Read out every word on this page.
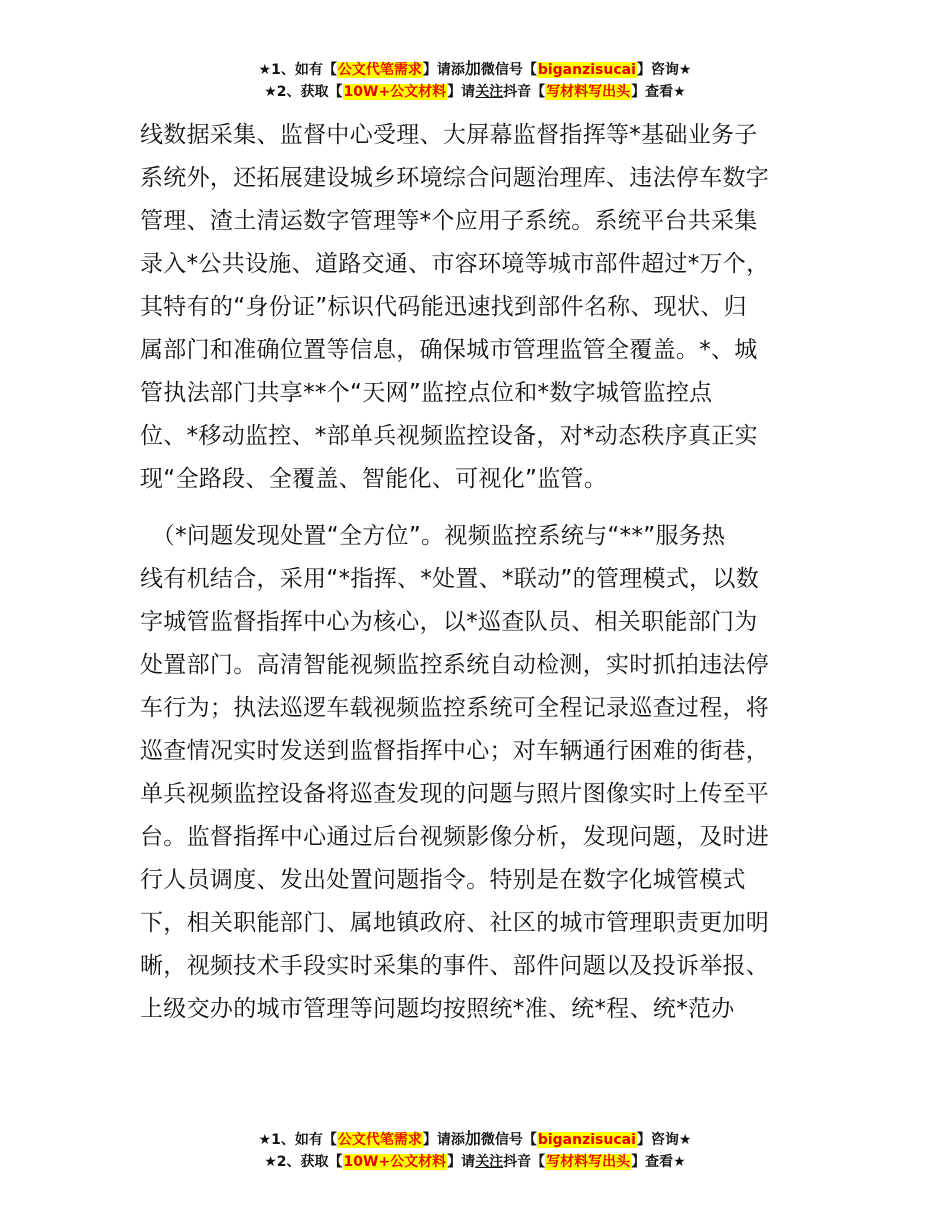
★1、如有【公文代笔需求】请添加微信号【biganzisucai】咨询★
★2、获取【10W+公文材料】请关注抖音【写材料写出头】查看★
线数据采集、监督中心受理、大屏幕监督指挥等*基础业务子
系统外，还拓展建设城乡环境综合问题治理库、违法停车数字
管理、渣土清运数字管理等*个应用子系统。系统平台共采集
录入*公共设施、道路交通、市容环境等城市部件超过*万个，
其特有的“身份证”标识代码能迅速找到部件名称、现状、归
属部门和准确位置等信息，确保城市管理监管全覆盖。*、城
管执法部门共享**个“天网”监控点位和*数字城管监控点
位、*移动监控、*部单兵视频监控设备，对*动态秩序真正实
现“全路段、全覆盖、智能化、可视化”监管。
　（*问题发现处置“全方位”。视频监控系统与“**”服务热
线有机结合，采用“*指挥、*处置、*联动”的管理模式，以数
字城管监督指挥中心为核心，以*巡查队员、相关职能部门为
处置部门。高清智能视频监控系统自动检测，实时抓拍违法停
车行为；执法巡逻车载视频监控系统可全程记录巡查过程，将
巡查情况实时发送到监督指挥中心；对车辆通行困难的街巷，
单兵视频监控设备将巡查发现的问题与照片图像实时上传至平
台。监督指挥中心通过后台视频影像分析，发现问题，及时进
行人员调度、发出处置问题指令。特别是在数字化城管模式
下，相关职能部门、属地镇政府、社区的城市管理职责更加明
晰，视频技术手段实时采集的事件、部件问题以及投诉举报、
上级交办的城市管理等问题均按照统*准、统*程、统*范办
★1、如有【公文代笔需求】请添加微信号【biganzisucai】咨询★
★2、获取【10W+公文材料】请关注抖音【写材料写出头】查看★
